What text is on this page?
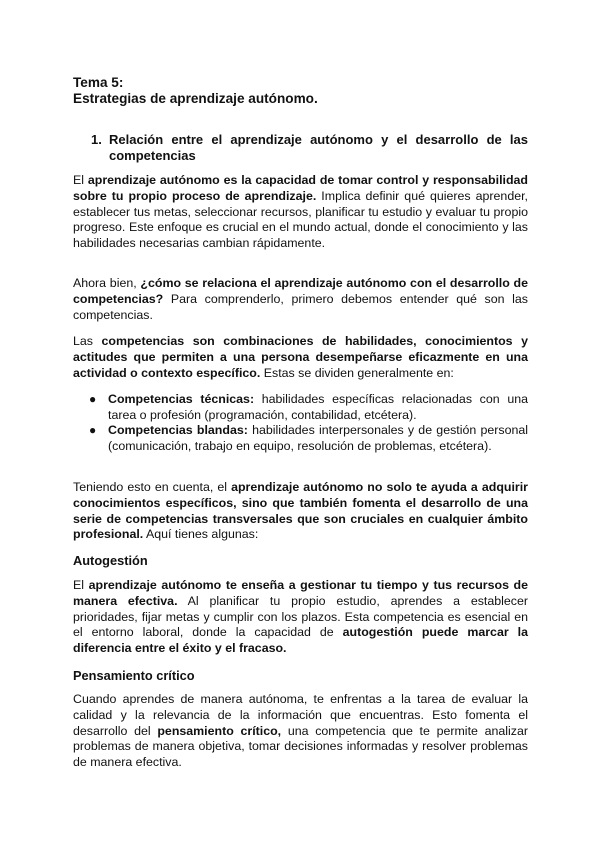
Tema 5:
Estrategias de aprendizaje autónomo.
1. Relación entre el aprendizaje autónomo y el desarrollo de las competencias

El aprendizaje autónomo es la capacidad de tomar control y responsabilidad sobre tu propio proceso de aprendizaje. Implica definir qué quieres aprender, establecer tus metas, seleccionar recursos, planificar tu estudio y evaluar tu propio progreso. Este enfoque es crucial en el mundo actual, donde el conocimiento y las habilidades necesarias cambian rápidamente.

Ahora bien, ¿cómo se relaciona el aprendizaje autónomo con el desarrollo de competencias? Para comprenderlo, primero debemos entender qué son las competencias.

Las competencias son combinaciones de habilidades, conocimientos y actitudes que permiten a una persona desempeñarse eficazmente en una actividad o contexto específico. Estas se dividen generalmente en:

● Competencias técnicas: habilidades específicas relacionadas con una tarea o profesión (programación, contabilidad, etcétera).
● Competencias blandas: habilidades interpersonales y de gestión personal (comunicación, trabajo en equipo, resolución de problemas, etcétera).

Teniendo esto en cuenta, el aprendizaje autónomo no solo te ayuda a adquirir conocimientos específicos, sino que también fomenta el desarrollo de una serie de competencias transversales que son cruciales en cualquier ámbito profesional. Aquí tienes algunas:

Autogestión

El aprendizaje autónomo te enseña a gestionar tu tiempo y tus recursos de manera efectiva. Al planificar tu propio estudio, aprendes a establecer prioridades, fijar metas y cumplir con los plazos. Esta competencia es esencial en el entorno laboral, donde la capacidad de autogestión puede marcar la diferencia entre el éxito y el fracaso.

Pensamiento crítico

Cuando aprendes de manera autónoma, te enfrentas a la tarea de evaluar la calidad y la relevancia de la información que encuentras. Esto fomenta el desarrollo del pensamiento crítico, una competencia que te permite analizar problemas de manera objetiva, tomar decisiones informadas y resolver problemas de manera efectiva.
